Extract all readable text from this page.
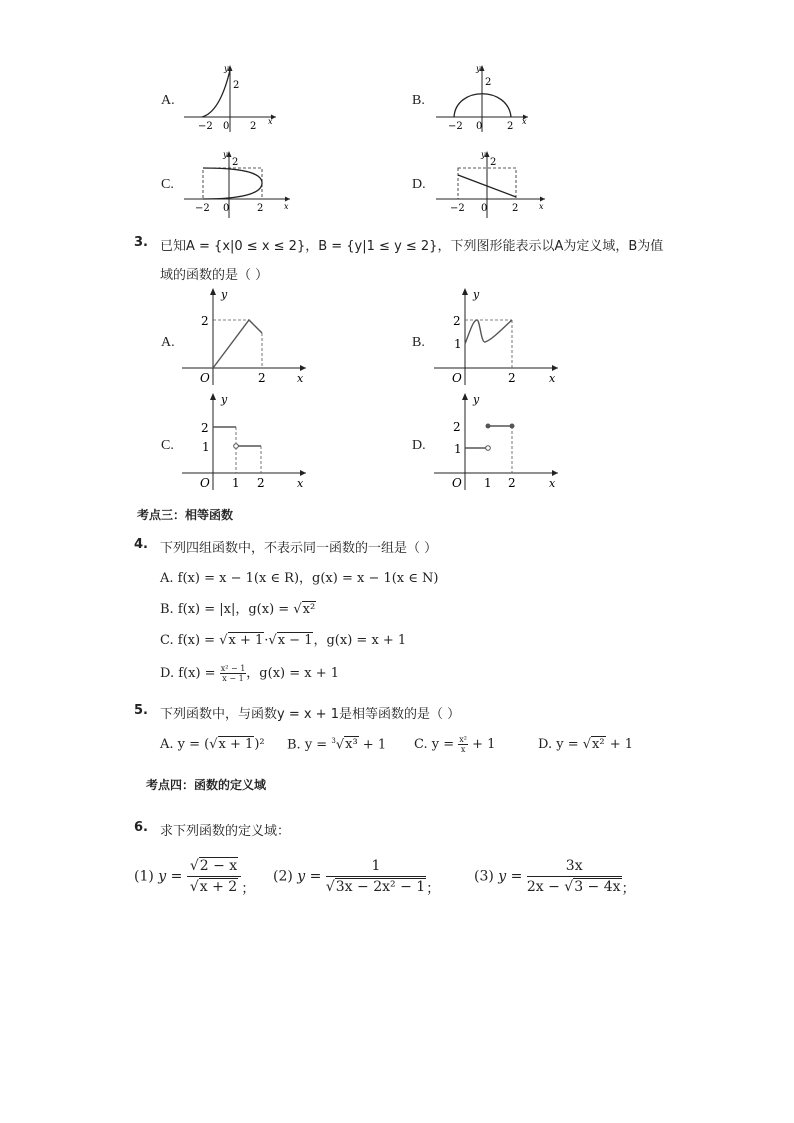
A.
y
2
−2 0 2 x
B.
y
2
−2 0 2 x
C.
y
2
−2 0	2	x
D.
y
2
−2 0 2	x
3. 已知A = {x|0 ≤ x ≤ 2}，B = {y|1 ≤ y ≤ 2}，下列图形能表示以A为定义域，B为值
域的函数的是（ ）
A.
y
2
O	2	x
B.
y
2
1
O	2	x
C.
y
2
1
O 1 2	x
D.
y
2
1
O 1 2	x
考点三：相等函数
4. 下列四组函数中，不表示同一函数的一组是（ ）
A. f(x) = x − 1(x ∈ R)，g(x) = x − 1(x ∈ N)
B. f(x) = |x|，g(x) = √x²
C. f(x) = √x + 1·√x − 1，g(x) = x + 1
D. $f(x) = \frac{\text{x² − 1}}{x - 1}$，g(x) = x + 1
5. 下列函数中，与函数y = x + 1是相等函数的是（ ）
A. y = (√x + 1)² B. y = $^3$√x³ + 1 C. $y = \frac{\text{x²}}{x} + 1$	D. y = √x² + 1
考点四：函数的定义域
6. 求下列函数的定义域：
(1) $y = \frac{√2 - x}{√x + 2}$；
(2) $y = \frac{1}{\text{√3x − 2x² − 1}}$；
(3) $y = \frac{3x}{2x - √3 - 4x}$；
